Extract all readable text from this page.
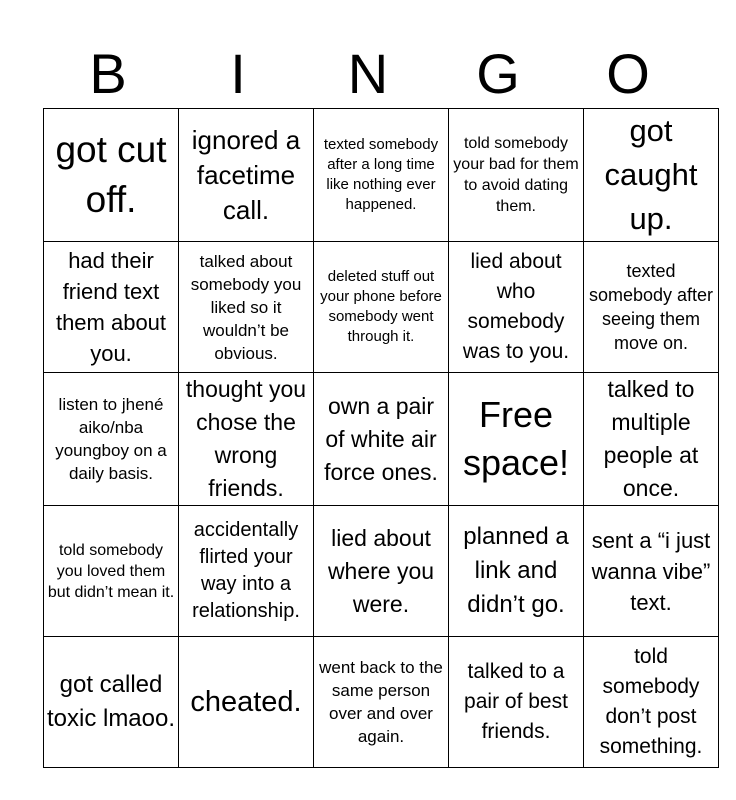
B	I	N	G	O
got cut off.	ignored a facetime call.	texted somebody after a long time like nothing ever happened.	told somebody your bad for them to avoid dating them.	got caught up.

had their friend text them about you.	talked about somebody you liked so it wouldn’t be obvious.	deleted stuff out your phone before somebody went through it.	lied about who somebody was to you.	texted somebody after seeing them move on.

listen to jhené aiko/nba youngboy on a daily basis.	thought you chose the wrong friends.	own a pair of white air force ones.	Free space!	talked to multiple people at once.

told somebody you loved them but didn’t mean it.	accidentally flirted your way into a relationship.	lied about where you were.	planned a link and didn’t go.	sent a “i just wanna vibe” text.

got called toxic lmaoo.	cheated.	went back to the same person over and over again.	talked to a pair of best friends.	told somebody don’t post something.
